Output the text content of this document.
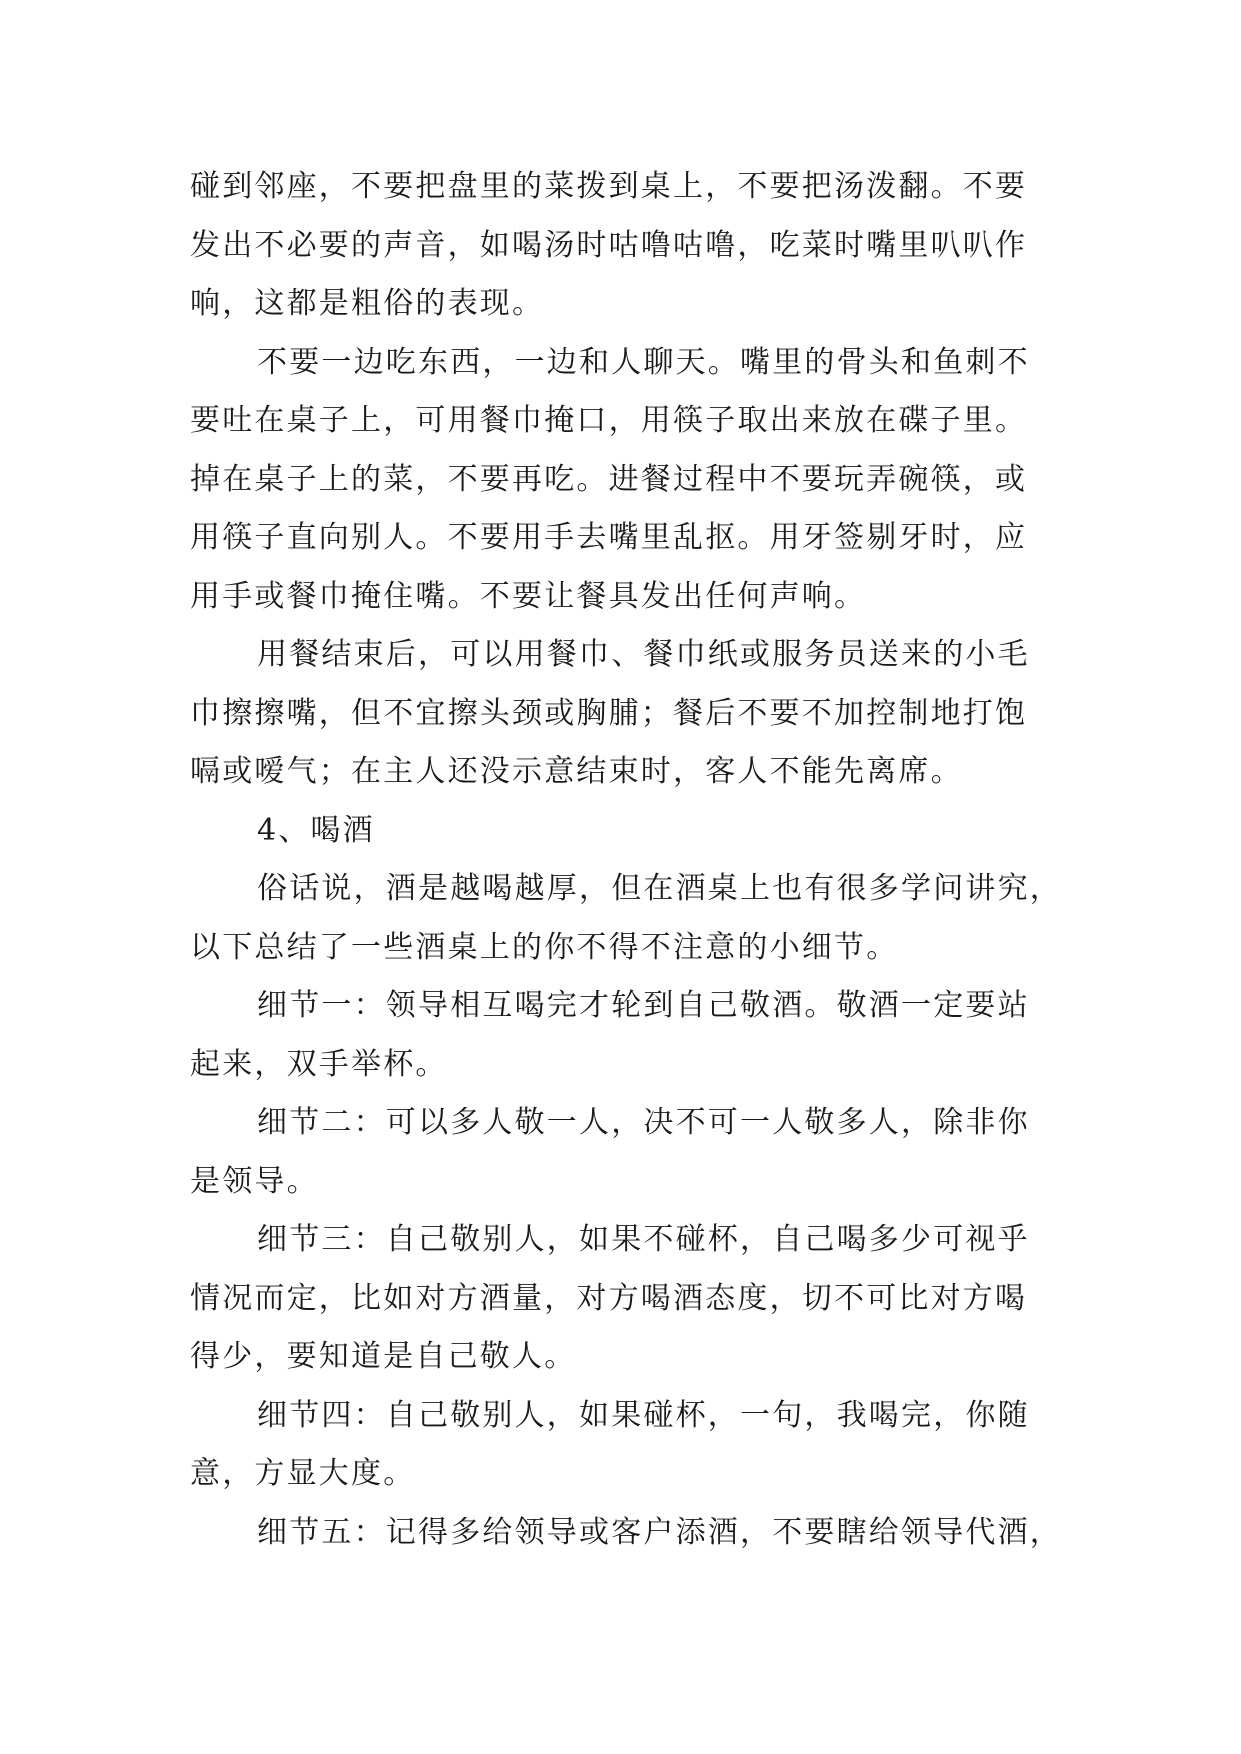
碰到邻座，不要把盘里的菜拨到桌上，不要把汤泼翻。不要
发出不必要的声音，如喝汤时咕噜咕噜，吃菜时嘴里叭叭作
响，这都是粗俗的表现。
不要一边吃东西，一边和人聊天。嘴里的骨头和鱼刺不
要吐在桌子上，可用餐巾掩口，用筷子取出来放在碟子里。
掉在桌子上的菜，不要再吃。进餐过程中不要玩弄碗筷，或
用筷子直向别人。不要用手去嘴里乱抠。用牙签剔牙时，应
用手或餐巾掩住嘴。不要让餐具发出任何声响。
用餐结束后，可以用餐巾、餐巾纸或服务员送来的小毛
巾擦擦嘴，但不宜擦头颈或胸脯；餐后不要不加控制地打饱
嗝或嗳气；在主人还没示意结束时，客人不能先离席。
4、喝酒
俗话说，酒是越喝越厚，但在酒桌上也有很多学问讲究，
以下总结了一些酒桌上的你不得不注意的小细节。
细节一：领导相互喝完才轮到自己敬酒。敬酒一定要站
起来，双手举杯。
细节二：可以多人敬一人，决不可一人敬多人，除非你
是领导。
细节三：自己敬别人，如果不碰杯，自己喝多少可视乎
情况而定，比如对方酒量，对方喝酒态度，切不可比对方喝
得少，要知道是自己敬人。
细节四：自己敬别人，如果碰杯，一句，我喝完，你随
意，方显大度。
细节五：记得多给领导或客户添酒，不要瞎给领导代酒，
